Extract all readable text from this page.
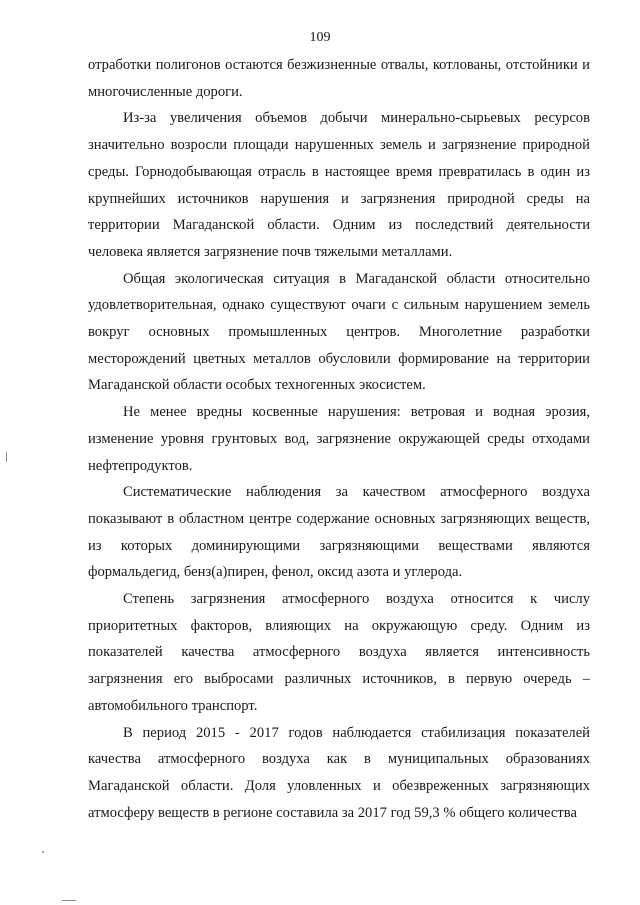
109

отработки полигонов остаются безжизненные отвалы, котлованы, отстойники и многочисленные дороги.

Из-за увеличения объемов добычи минерально-сырьевых ресурсов значительно возросли площади нарушенных земель и загрязнение природной среды. Горнодобывающая отрасль в настоящее время превратилась в один из крупнейших источников нарушения и загрязнения природной среды на территории Магаданской области. Одним из последствий деятельности человека является загрязнение почв тяжелыми металлами.

Общая экологическая ситуация в Магаданской области относительно удовлетворительная, однако существуют очаги с сильным нарушением земель вокруг основных промышленных центров. Многолетние разработки месторождений цветных металлов обусловили формирование на территории Магаданской области особых техногенных экосистем.

Не менее вредны косвенные нарушения: ветровая и водная эрозия, изменение уровня грунтовых вод, загрязнение окружающей среды отходами нефтепродуктов.

Систематические наблюдения за качеством атмосферного воздуха показывают в областном центре содержание основных загрязняющих веществ, из которых доминирующими загрязняющими веществами являются формальдегид, бенз(а)пирен, фенол, оксид азота и углерода.

Степень загрязнения атмосферного воздуха относится к числу приоритетных факторов, влияющих на окружающую среду. Одним из показателей качества атмосферного воздуха является интенсивность загрязнения его выбросами различных источников, в первую очередь – автомобильного транспорт.

В период 2015 - 2017 годов наблюдается стабилизация показателей качества атмосферного воздуха как в муниципальных образованиях Магаданской области. Доля уловленных и обезвреженных загрязняющих атмосферу веществ в регионе составила за 2017 год 59,3 % общего количества
